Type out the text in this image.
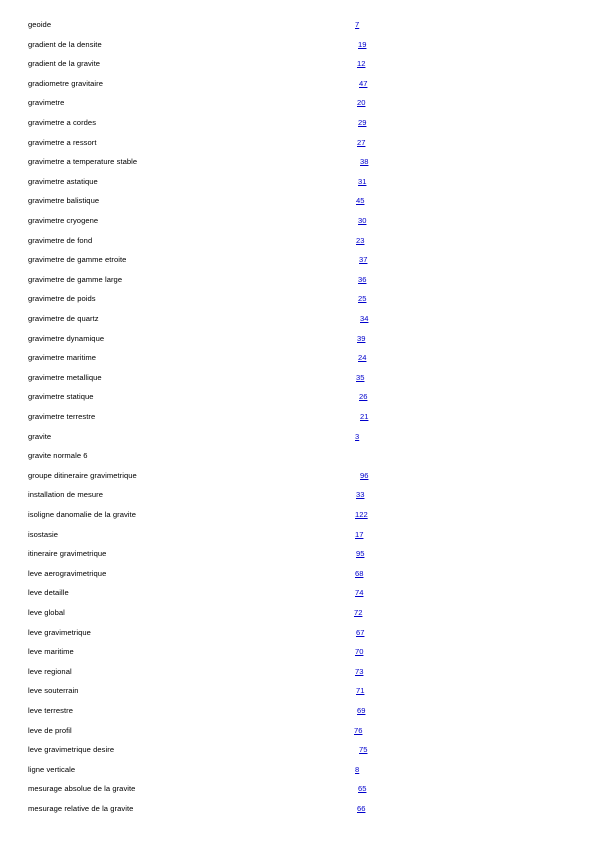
geoide	7
gradient de la densite	19
gradient de la gravite	12
gradiometre gravitaire	47
gravimetre	20
gravimetre a cordes	29
gravimetre a ressort	27
gravimetre a temperature stable	38
gravimetre astatique	31
gravimetre balistique	45
gravimetre cryogene	30
gravimetre de fond	23
gravimetre de gamme etroite	37
gravimetre de gamme large	36
gravimetre de poids	25
gravimetre de quartz	34
gravimetre dynamique	39
gravimetre maritime	24
gravimetre metallique	35
gravimetre statique	26
gravimetre terrestre	21
gravite	3
gravite normale 6
groupe ditineraire gravimetrique	96
installation de mesure	33
isoligne danomalie de la gravite	122
isostasie	17
itineraire gravimetrique	95
leve aerogravimetrique	68
leve detaille	74
leve global	72
leve gravimetrique	67
leve maritime	70
leve regional	73
leve souterrain	71
leve terrestre	69
leve de profil	76
leve gravimetrique desire	75
ligne verticale	8
mesurage absolue de la gravite	65
mesurage relative de la gravite	66
